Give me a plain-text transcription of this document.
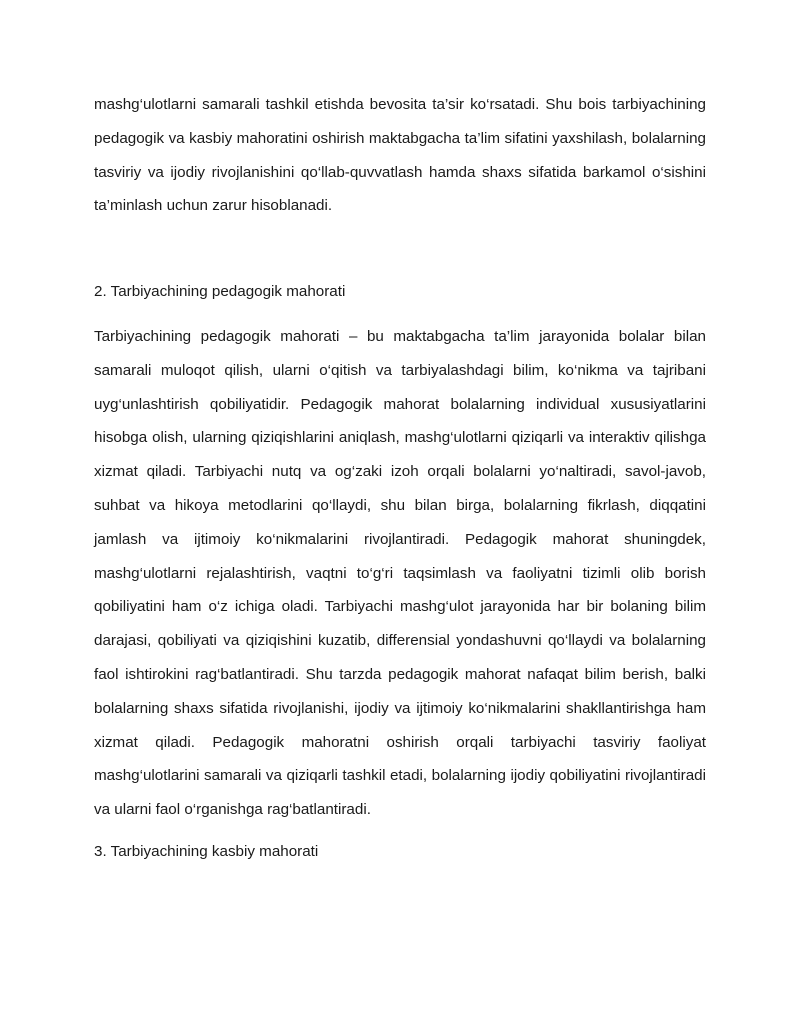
mashg‘ulotlarni samarali tashkil etishda bevosita ta’sir ko‘rsatadi. Shu bois tarbiyachining pedagogik va kasbiy mahoratini oshirish maktabgacha ta’lim sifatini yaxshilash, bolalarning tasviriy va ijodiy rivojlanishini qo‘llab-quvvatlash hamda shaxs sifatida barkamol o‘sishini ta’minlash uchun zarur hisoblanadi.

2. Tarbiyachining pedagogik mahorati

Tarbiyachining pedagogik mahorati – bu maktabgacha ta’lim jarayonida bolalar bilan samarali muloqot qilish, ularni o‘qitish va tarbiyalashdagi bilim, ko‘nikma va tajribani uyg‘unlashtirish qobiliyatidir. Pedagogik mahorat bolalarning individual xususiyatlarini hisobga olish, ularning qiziqishlarini aniqlash, mashg‘ulotlarni qiziqarli va interaktiv qilishga xizmat qiladi. Tarbiyachi nutq va og‘zaki izoh orqali bolalarni yo‘naltiradi, savol-javob, suhbat va hikoya metodlarini qo‘llaydi, shu bilan birga, bolalarning fikrlash, diqqatini jamlash va ijtimoiy ko‘nikmalarini rivojlantiradi. Pedagogik mahorat shuningdek, mashg‘ulotlarni rejalashtirish, vaqtni to‘g‘ri taqsimlash va faoliyatni tizimli olib borish qobiliyatini ham o‘z ichiga oladi. Tarbiyachi mashg‘ulot jarayonida har bir bolaning bilim darajasi, qobiliyati va qiziqishini kuzatib, differensial yondashuvni qo‘llaydi va bolalarning faol ishtirokini rag‘batlantiradi. Shu tarzda pedagogik mahorat nafaqat bilim berish, balki bolalarning shaxs sifatida rivojlanishi, ijodiy va ijtimoiy ko‘nikmalarini shakllantirishga ham xizmat qiladi. Pedagogik mahoratni oshirish orqali tarbiyachi tasviriy faoliyat mashg‘ulotlarini samarali va qiziqarli tashkil etadi, bolalarning ijodiy qobiliyatini rivojlantiradi va ularni faol o‘rganishga rag‘batlantiradi.

3. Tarbiyachining kasbiy mahorati
